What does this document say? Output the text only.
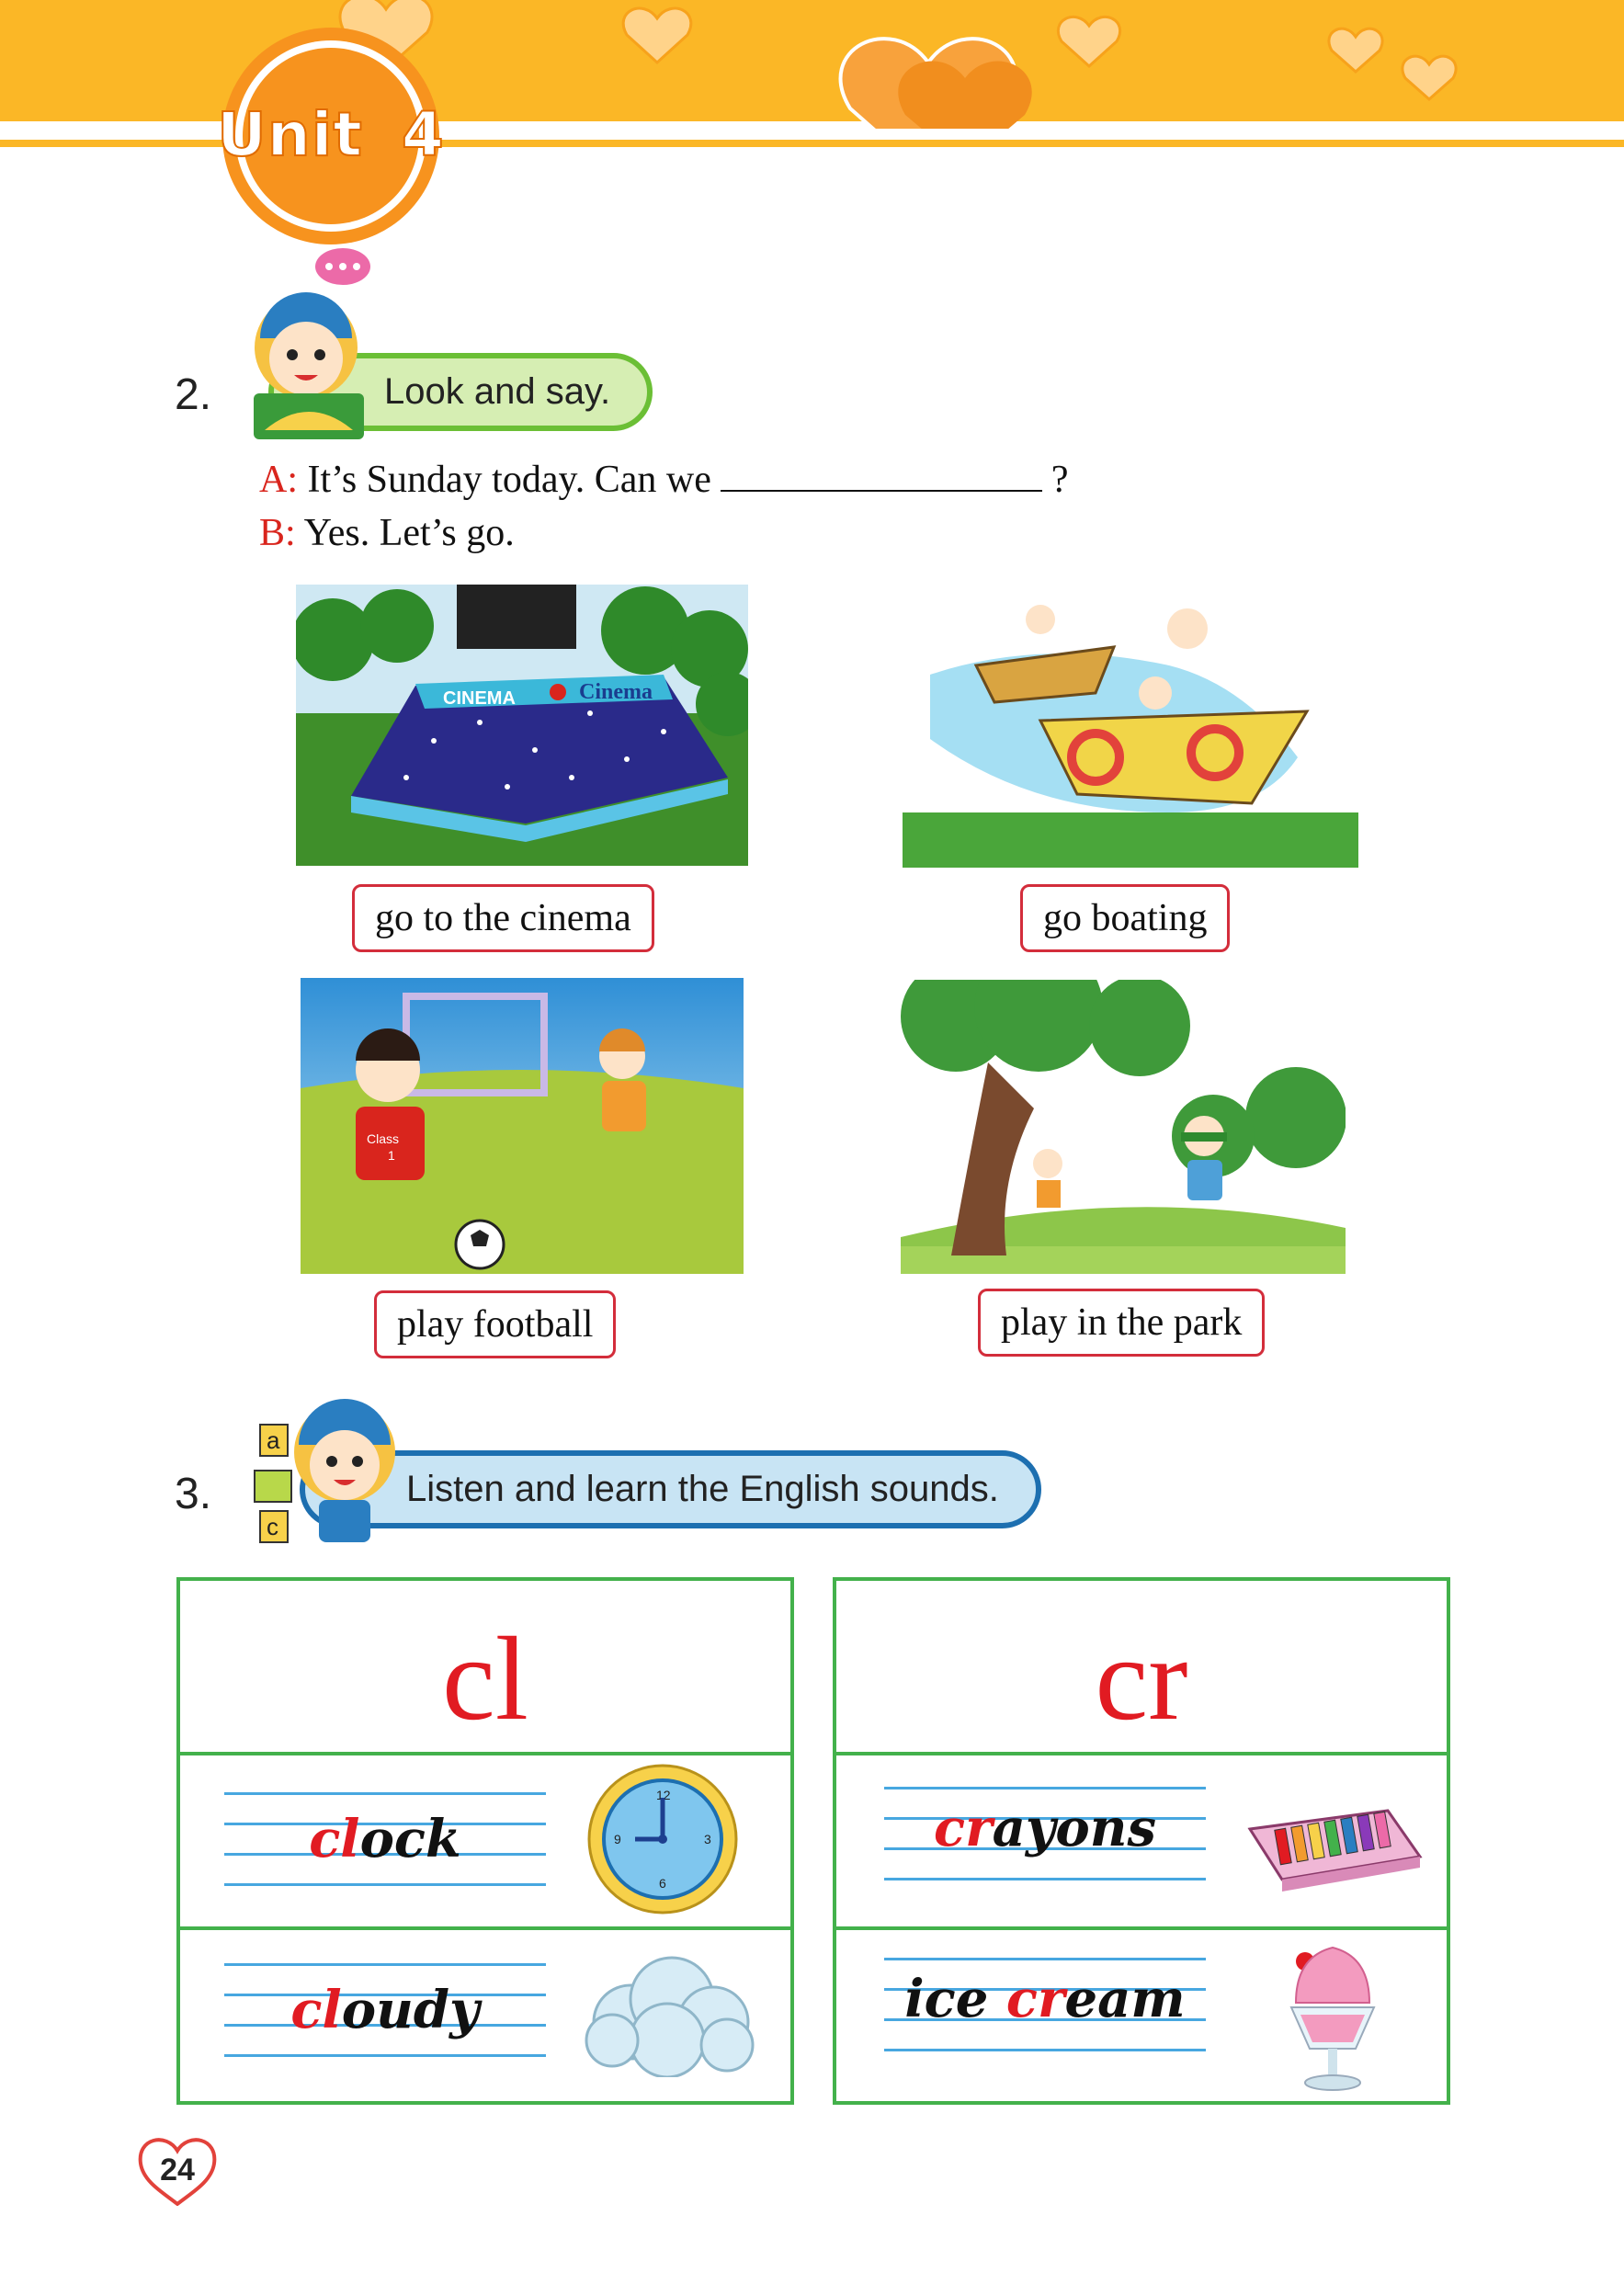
Unit 4
2.	Look and say.
A: It’s Sunday today. Can we	?
B: Yes. Let’s go.
CINEMA	Cinema
go to the cinema	go boating
Class
1
play football	play in the park
3.	Listen and learn the English sounds.
a
c
cl
clock
12
3
6
9
cloudy
cr
crayons
ice cream
24
